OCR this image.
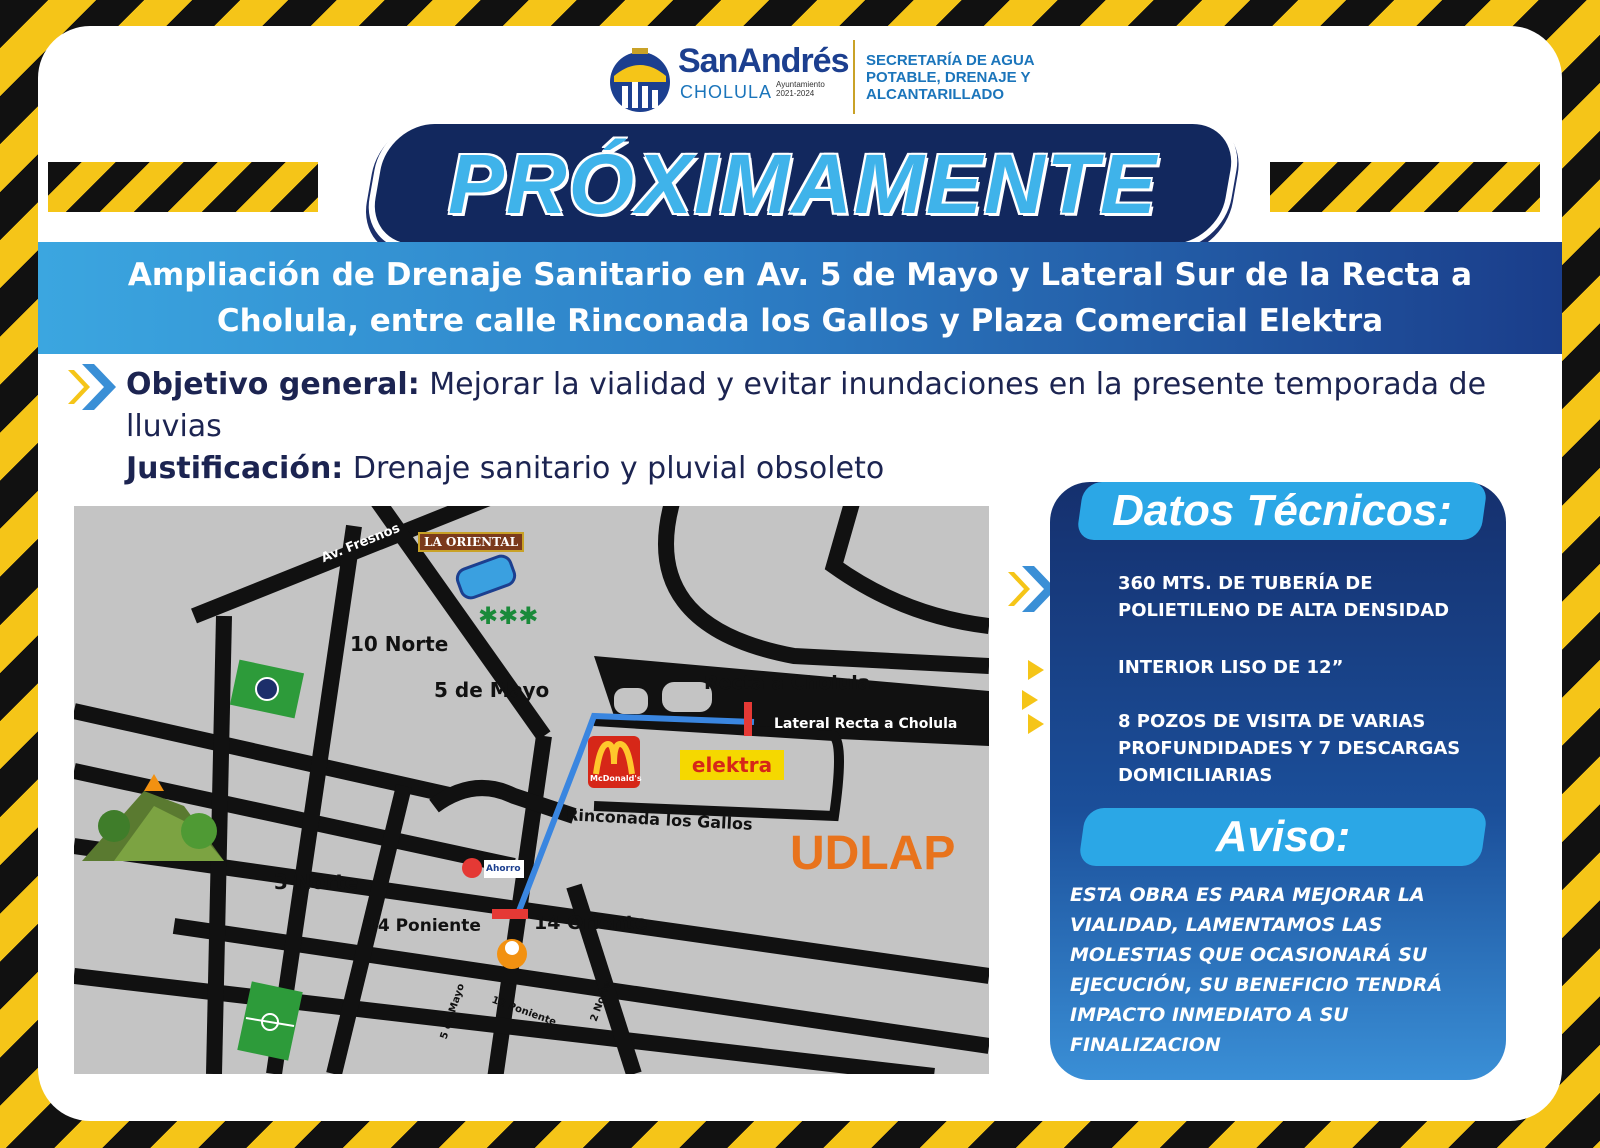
SanAndrés
CHOLULA Ayuntamiento 2021-2024
SECRETARÍA DE AGUA POTABLE, DRENAJE Y ALCANTARILLADO
PRÓXIMAMENTE
Ampliación de Drenaje Sanitario en Av. 5 de Mayo y Lateral Sur de la Recta a Cholula, entre calle Rinconada los Gallos y Plaza Comercial Elektra
Objetivo general: Mejorar la vialidad y evitar inundaciones en la presente temporada de lluvias
Justificación: Drenaje sanitario y pluvial obsoleto
✱✱✱
Av. Fresnos	LA ORIENTAL
10 Norte
5 de Mayo	Recta a Cholula
Lateral Recta a Cholula
McDonald's
elektra
Rinconada los Gallos
UDLAP
3 Norte
Ahorro
14 Poniente	14 Oriente
5 de Mayo 12 Poniente	2 Norte
Datos Técnicos:
360 MTS. DE TUBERÍA DE POLIETILENO DE ALTA DENSIDAD
INTERIOR LISO DE 12”
8 POZOS DE VISITA DE VARIAS PROFUNDIDADES Y 7 DESCARGAS DOMICILIARIAS
Aviso:
ESTA OBRA ES PARA MEJORAR LA VIALIDAD, LAMENTAMOS LAS MOLESTIAS QUE OCASIONARÁ SU EJECUCIÓN, SU BENEFICIO TENDRÁ IMPACTO INMEDIATO A SU FINALIZACION
